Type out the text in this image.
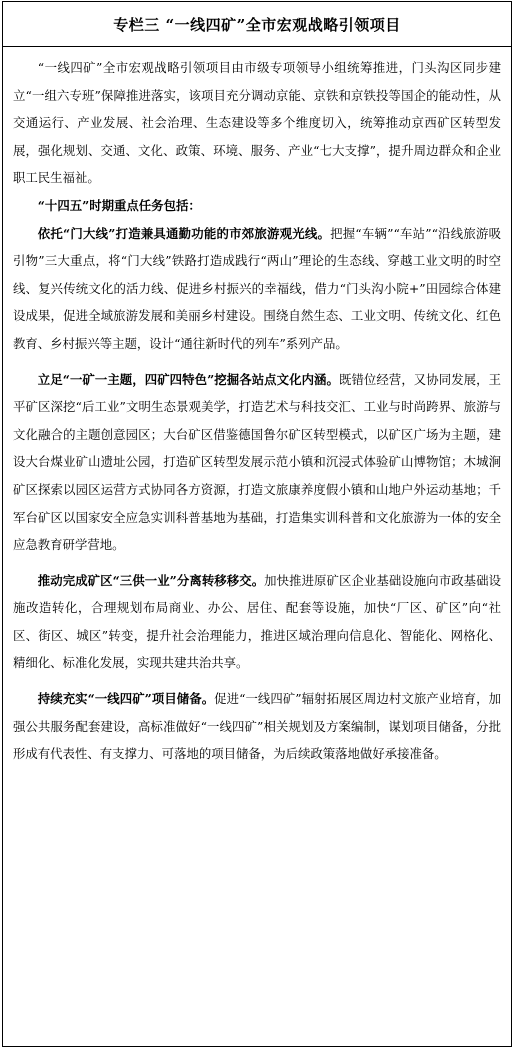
专栏三 “一线四矿”全市宏观战略引领项目

“一线四矿”全市宏观战略引领项目由市级专项领导小组统筹推进，门头沟区同步建立“一组六专班”保障推进落实，该项目充分调动京能、京铁和京铁投等国企的能动性，从交通运行、产业发展、社会治理、生态建设等多个维度切入，统筹推动京西矿区转型发展，强化规划、交通、文化、政策、环境、服务、产业“七大支撑”，提升周边群众和企业职工民生福祉。

“十四五”时期重点任务包括：

依托“门大线”打造兼具通勤功能的市郊旅游观光线。把握“车辆”“车站”“沿线旅游吸引物”三大重点，将“门大线”铁路打造成践行“两山”理论的生态线、穿越工业文明的时空线、复兴传统文化的活力线、促进乡村振兴的幸福线，借力“门头沟小院+”田园综合体建设成果，促进全域旅游发展和美丽乡村建设。围绕自然生态、工业文明、传统文化、红色教育、乡村振兴等主题，设计“通往新时代的列车”系列产品。

立足“一矿一主题，四矿四特色”挖掘各站点文化内涵。既错位经营，又协同发展，王平矿区深挖“后工业”文明生态景观美学，打造艺术与科技交汇、工业与时尚跨界、旅游与文化融合的主题创意园区；大台矿区借鉴德国鲁尔矿区转型模式，以矿区广场为主题，建设大台煤业矿山遗址公园，打造矿区转型发展示范小镇和沉浸式体验矿山博物馆；木城涧矿区探索以园区运营方式协同各方资源，打造文旅康养度假小镇和山地户外运动基地；千军台矿区以国家安全应急实训科普基地为基础，打造集实训科普和文化旅游为一体的安全应急教育研学营地。

推动完成矿区“三供一业”分离转移移交。加快推进原矿区企业基础设施向市政基础设施改造转化，合理规划布局商业、办公、居住、配套等设施，加快“厂区、矿区”向“社区、街区、城区”转变，提升社会治理能力，推进区域治理向信息化、智能化、网格化、精细化、标准化发展，实现共建共治共享。

持续充实“一线四矿”项目储备。促进“一线四矿”辐射拓展区周边村文旅产业培育，加强公共服务配套建设，高标准做好“一线四矿”相关规划及方案编制，谋划项目储备，分批形成有代表性、有支撑力、可落地的项目储备，为后续政策落地做好承接准备。
